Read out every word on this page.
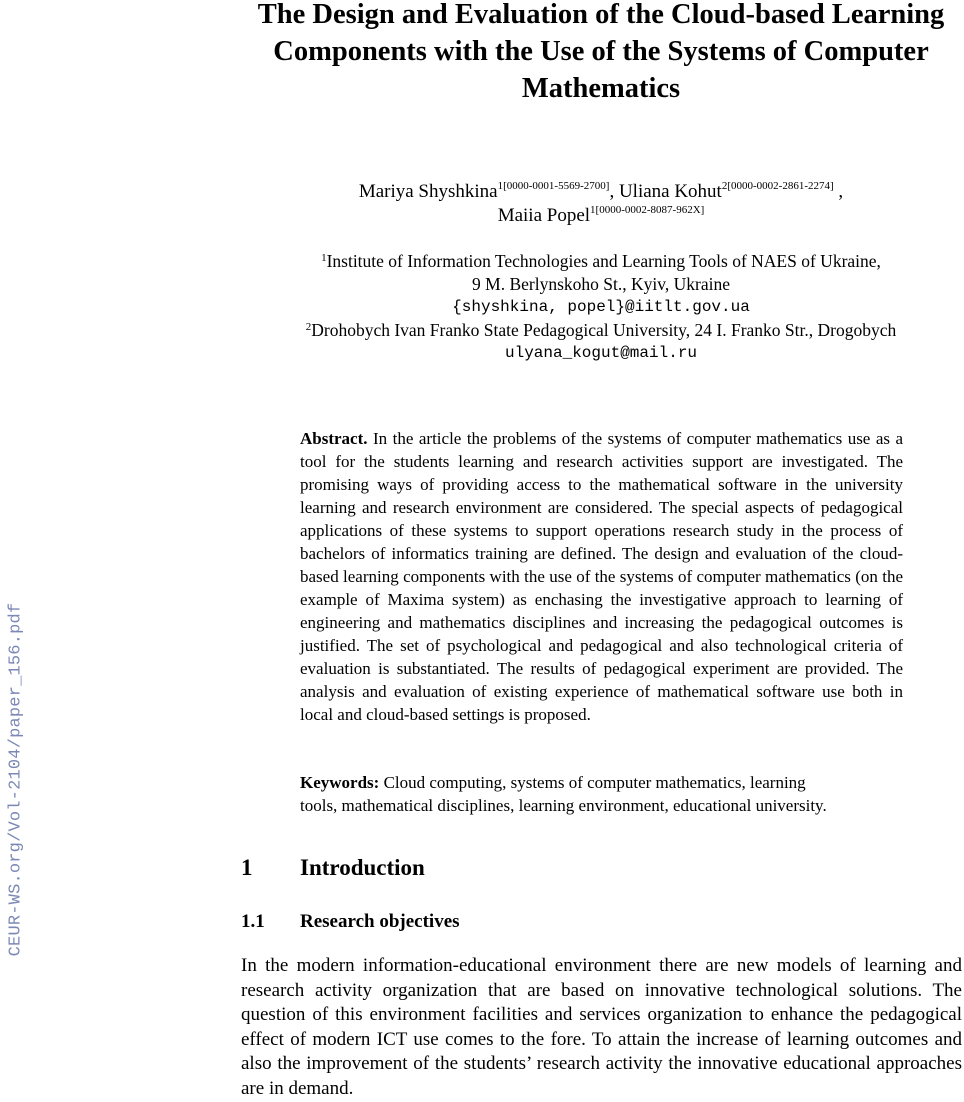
CEUR-WS.org/Vol-2104/paper_156.pdf
The Design and Evaluation of the Cloud-based Learning
Components with the Use of the Systems of Computer
Mathematics
Mariya Shyshkina$^{1[0000-0001-5569-2700]}$, Uliana Kohut$^{2[0000-0002-2861-2274]}$ ,
Maiia Popel$^{1[0000-0002-8087-962X]}$
$^1$Institute of Information Technologies and Learning Tools of NAES of Ukraine,
9 M. Berlynskoho St., Kyiv, Ukraine
{shyshkina, popel}@iitlt.gov.ua
$^2$Drohobych Ivan Franko State Pedagogical University, 24 I. Franko Str., Drogobych
ulyana_kogut@mail.ru
Abstract. In the article the problems of the systems of computer mathematics use as a tool for the students learning and research activities support are investigated. The promising ways of providing access to the mathematical software in the university learning and research environment are considered. The special aspects of pedagogical applications of these systems to support operations research study in the process of bachelors of informatics training are defined. The design and evaluation of the cloud-based learning components with the use of the systems of computer mathematics (on the example of Maxima system) as enchasing the investigative approach to learning of engineering and mathematics disciplines and increasing the pedagogical outcomes is justified. The set of psychological and pedagogical and also technological criteria of evaluation is substantiated. The results of pedagogical experiment are provided. The analysis and evaluation of existing experience of mathematical software use both in local and cloud-based settings is proposed.
Keywords: Cloud computing, systems of computer mathematics, learning
tools, mathematical disciplines, learning environment, educational university.
1 Introduction
1.1 Research objectives
In the modern information-educational environment there are new models of learning and research activity organization that are based on innovative technological solutions. The question of this environment facilities and services organization to enhance the pedagogical effect of modern ICT use comes to the fore. To attain the increase of learning outcomes and also the improvement of the students’ research activity the innovative educational approaches are in demand.
